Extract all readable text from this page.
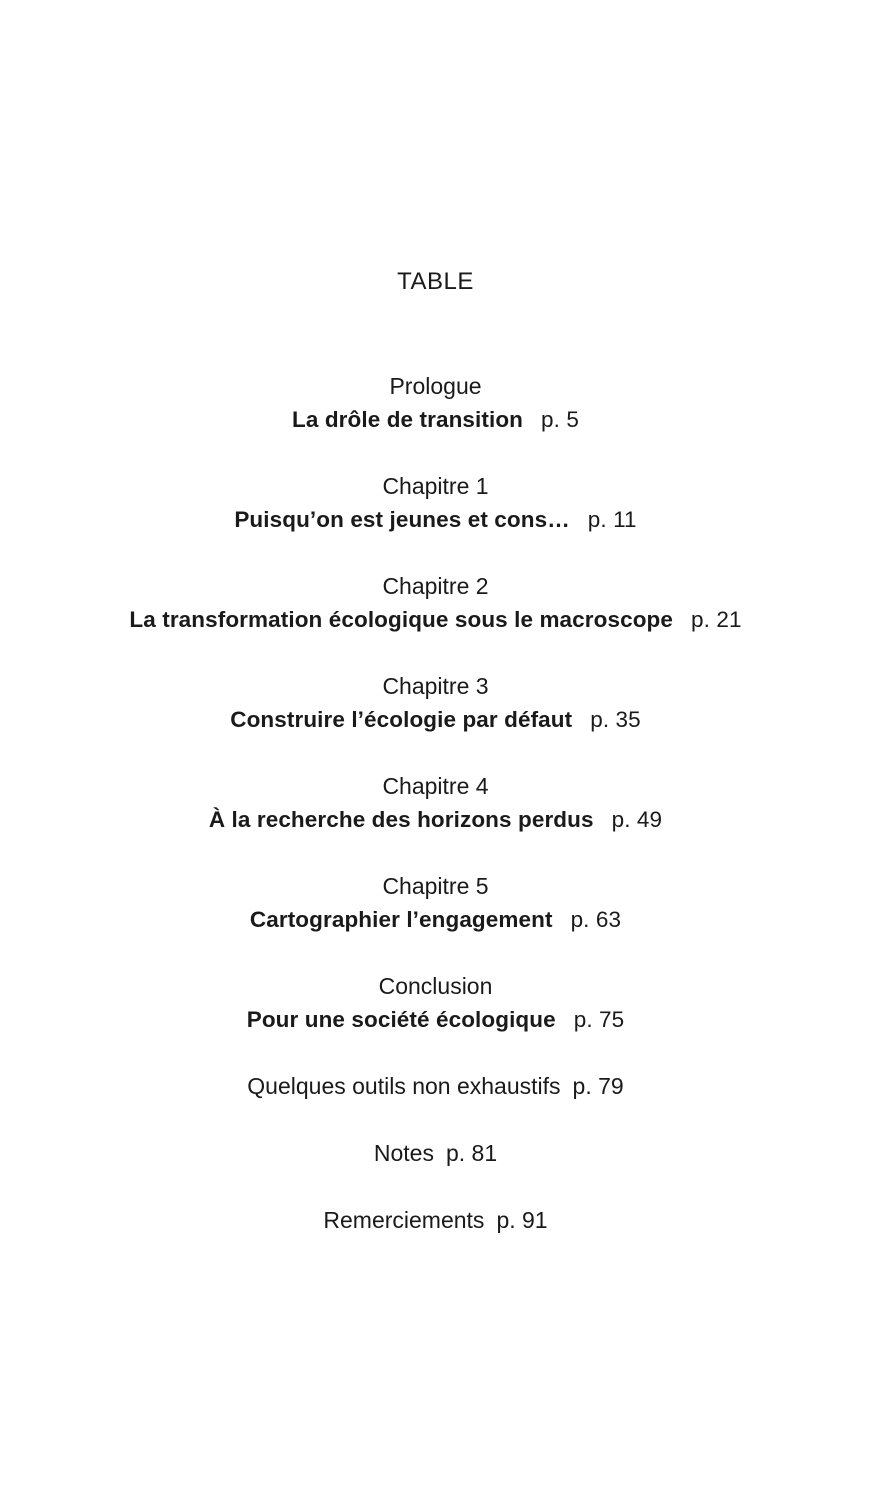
TABLE
Prologue
La drôle de transition p. 5
Chapitre 1
Puisqu’on est jeunes et cons… p. 11
Chapitre 2
La transformation écologique sous le macroscope p. 21
Chapitre 3
Construire l’écologie par défaut p. 35
Chapitre 4
À la recherche des horizons perdus p. 49
Chapitre 5
Cartographier l’engagement p. 63
Conclusion
Pour une société écologique p. 75
Quelques outils non exhaustifs p. 79
Notes p. 81
Remerciements p. 91
